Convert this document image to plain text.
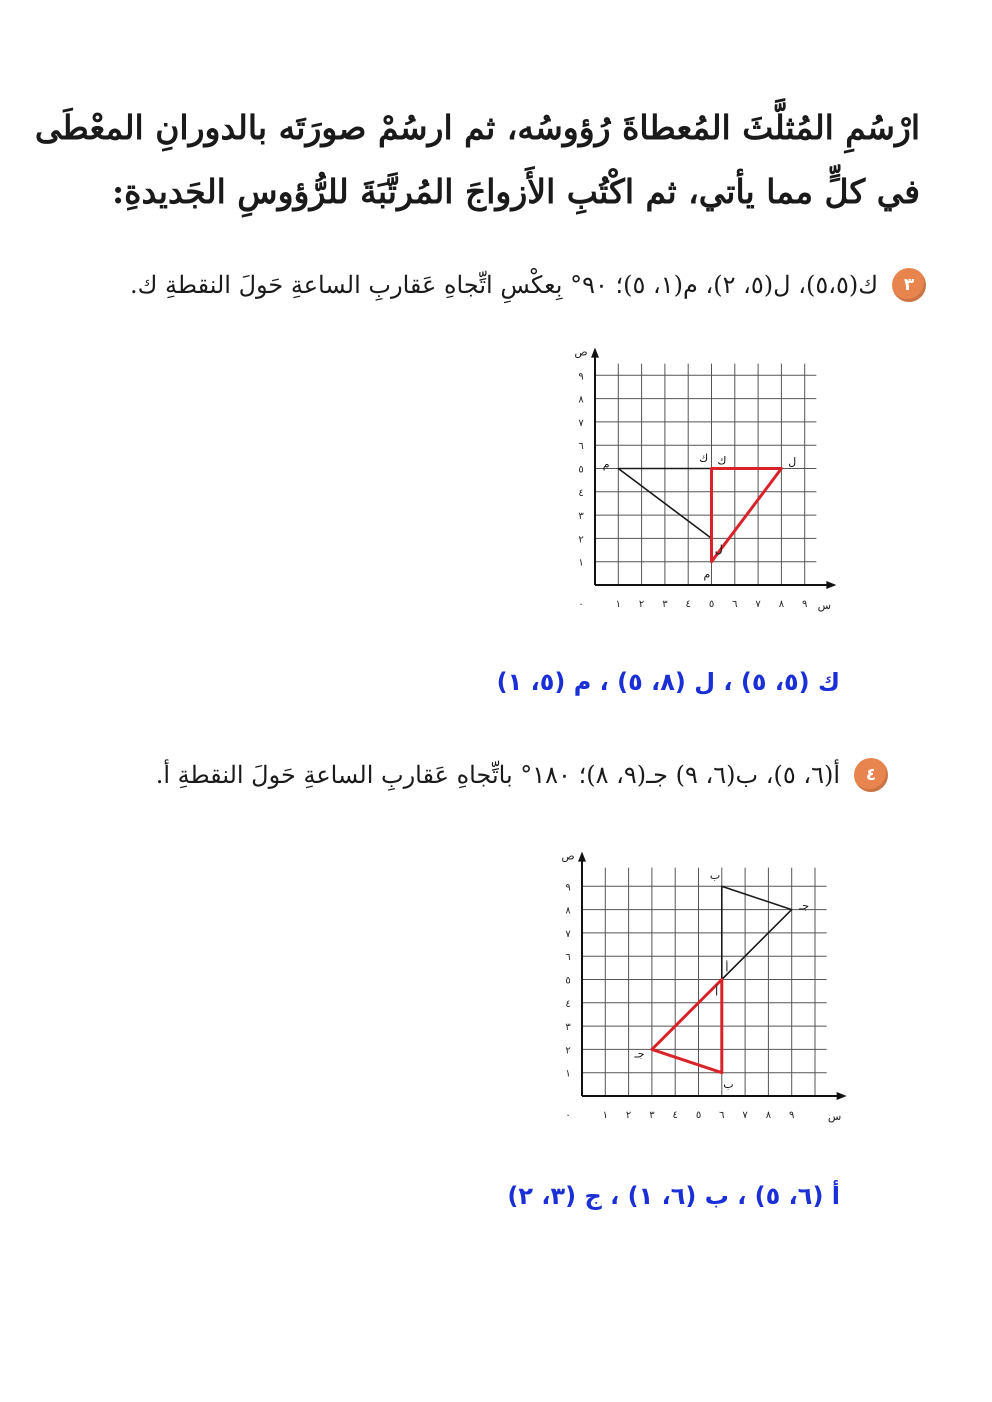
ارْسُمِ المُثلَّثَ المُعطاةَ رُؤوسُه، ثم ارسُمْ صورَتَه بالدورانِ المعْطَى
في كلٍّ مما يأتي، ثم اكْتُبِ الأَزواجَ المُرتَّبَةَ للرُّؤوسِ الجَديدةِ:
٣
ك(٥،٥)، ل(٥، ٢)، م(١، ٥)؛ ٩٠° بِعكْسِ اتِّجاهِ عَقاربِ الساعةِ حَولَ النقطةِ ك.
١ ٢ ٣ ٤ ٥ ٦ ٧ ٨ ٩
١
٢
٣
٤
٥
٦
٧
٨
٩
٠	س
ص
ك
ل
م	ك	ل
م
ك (٥، ٥) ، ل (٨، ٥) ، م (٥، ١)
٤
أ(٦، ٥)، ب(٦، ٩) جـ(٩، ٨)؛ ١٨٠° باتِّجاهِ عَقاربِ الساعةِ حَولَ النقطةِ أ.
١ ٢ ٣ ٤ ٥ ٦ ٧ ٨ ٩
١
٢
٣
٤
٥
٦
٧
٨
٩
٠	س
ص
أ
ب
جـ
أ
ب
جـ
أ (٦، ٥) ، ب (٦، ١) ، ج (٣، ٢)
